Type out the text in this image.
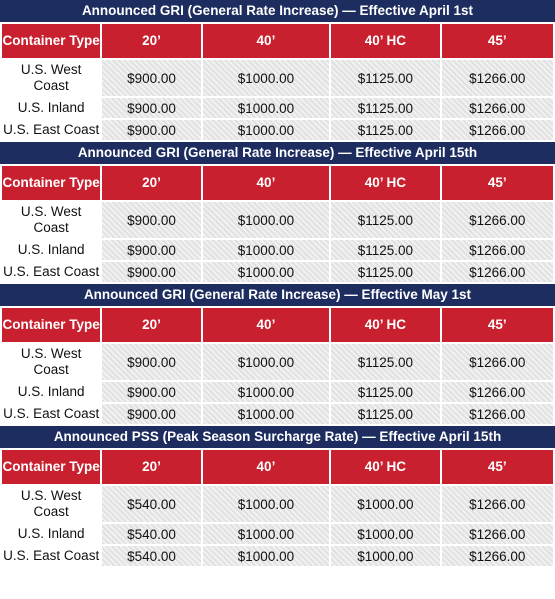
Announced GRI (General Rate Increase) — Effective April 1st
Container Type	20’	40’	40’ HC	45’
U.S. West Coast	$900.00	$1000.00	$1125.00	$1266.00
U.S. Inland	$900.00	$1000.00	$1125.00	$1266.00
U.S. East Coast	$900.00	$1000.00	$1125.00	$1266.00
Announced GRI (General Rate Increase) — Effective April 15th
Container Type	20’	40’	40’ HC	45’
U.S. West Coast	$900.00	$1000.00	$1125.00	$1266.00
U.S. Inland	$900.00	$1000.00	$1125.00	$1266.00
U.S. East Coast	$900.00	$1000.00	$1125.00	$1266.00
Announced GRI (General Rate Increase) — Effective May 1st
Container Type	20’	40’	40’ HC	45’
U.S. West Coast	$900.00	$1000.00	$1125.00	$1266.00
U.S. Inland	$900.00	$1000.00	$1125.00	$1266.00
U.S. East Coast	$900.00	$1000.00	$1125.00	$1266.00
Announced PSS (Peak Season Surcharge Rate) — Effective April 15th
Container Type	20’	40’	40’ HC	45’
U.S. West Coast	$540.00	$1000.00	$1000.00	$1266.00
U.S. Inland	$540.00	$1000.00	$1000.00	$1266.00
U.S. East Coast	$540.00	$1000.00	$1000.00	$1266.00
